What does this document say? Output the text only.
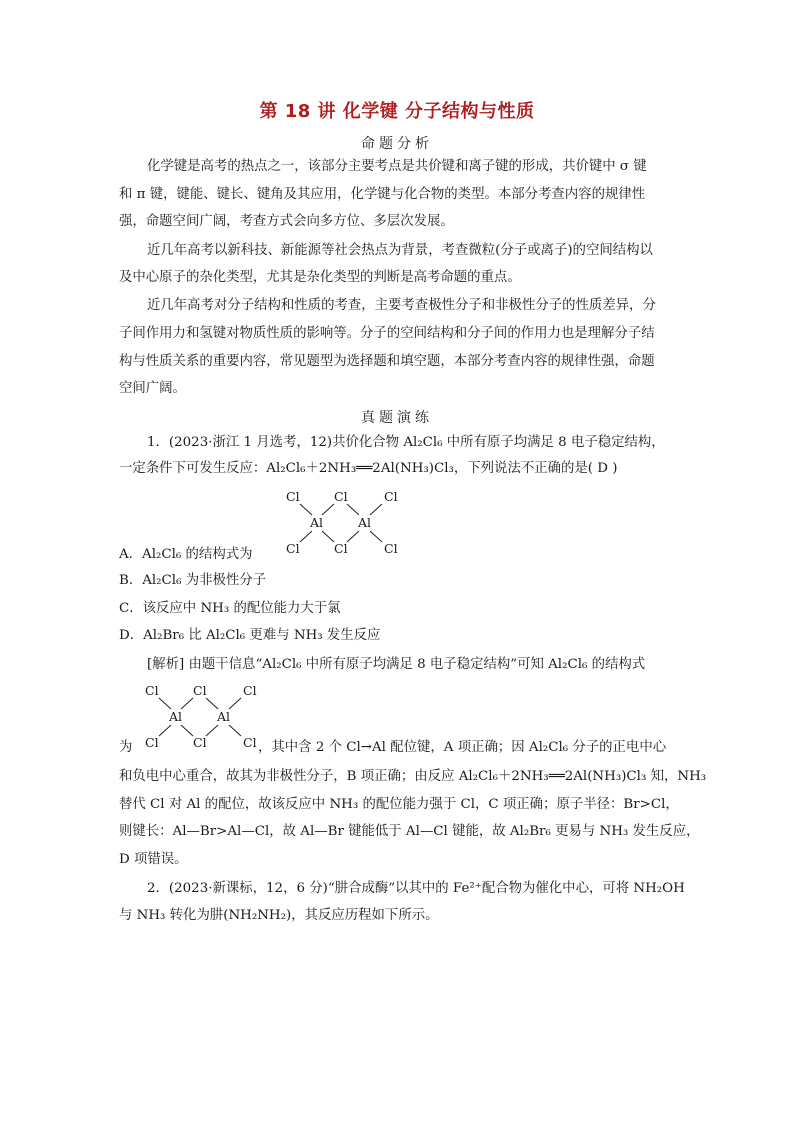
第 18 讲 化学键 分子结构与性质
命题分析
化学键是高考的热点之一，该部分主要考点是共价键和离子键的形成，共价键中 σ 键
和 π 键，键能、键长、键角及其应用，化学键与化合物的类型。本部分考查内容的规律性
强，命题空间广阔，考查方式会向多方位、多层次发展。
近几年高考以新科技、新能源等社会热点为背景，考查微粒(分子或离子)的空间结构以
及中心原子的杂化类型，尤其是杂化类型的判断是高考命题的重点。
近几年高考对分子结构和性质的考查，主要考查极性分子和非极性分子的性质差异，分
子间作用力和氢键对物质性质的影响等。分子的空间结构和分子间的作用力也是理解分子结
构与性质关系的重要内容，常见题型为选择题和填空题，本部分考查内容的规律性强，命题
空间广阔。
真题演练
1．(2023·浙江 1 月选考，12)共价化合物 Al₂Cl₆ 中所有原子均满足 8 电子稳定结构，
一定条件下可发生反应：Al₂Cl₆＋2NH₃══2Al(NH₃)Cl₃，下列说法不正确的是( D )
Cl	Cl	Cl
Al	Al
Cl	Cl	Cl
A．Al₂Cl₆ 的结构式为
B．Al₂Cl₆ 为非极性分子
C．该反应中 NH₃ 的配位能力大于氯
D．Al₂Br₆ 比 Al₂Cl₆ 更难与 NH₃ 发生反应
[解析] 由题干信息“Al₂Cl₆ 中所有原子均满足 8 电子稳定结构”可知 Al₂Cl₆ 的结构式
Cl	Cl	Cl
Al	Al
Cl	Cl	Cl
为	，其中含 2 个 Cl→Al 配位键，A 项正确；因 Al₂Cl₆ 分子的正电中心
和负电中心重合，故其为非极性分子，B 项正确；由反应 Al₂Cl₆＋2NH₃══2Al(NH₃)Cl₃ 知，NH₃
替代 Cl 对 Al 的配位，故该反应中 NH₃ 的配位能力强于 Cl，C 项正确；原子半径：Br>Cl，
则键长：Al—Br>Al—Cl，故 Al—Br 键能低于 Al—Cl 键能，故 Al₂Br₆ 更易与 NH₃ 发生反应，
D 项错误。
2．(2023·新课标，12，6 分)“肼合成酶”以其中的 Fe²⁺配合物为催化中心，可将 NH₂OH
与 NH₃ 转化为肼(NH₂NH₂)，其反应历程如下所示。
